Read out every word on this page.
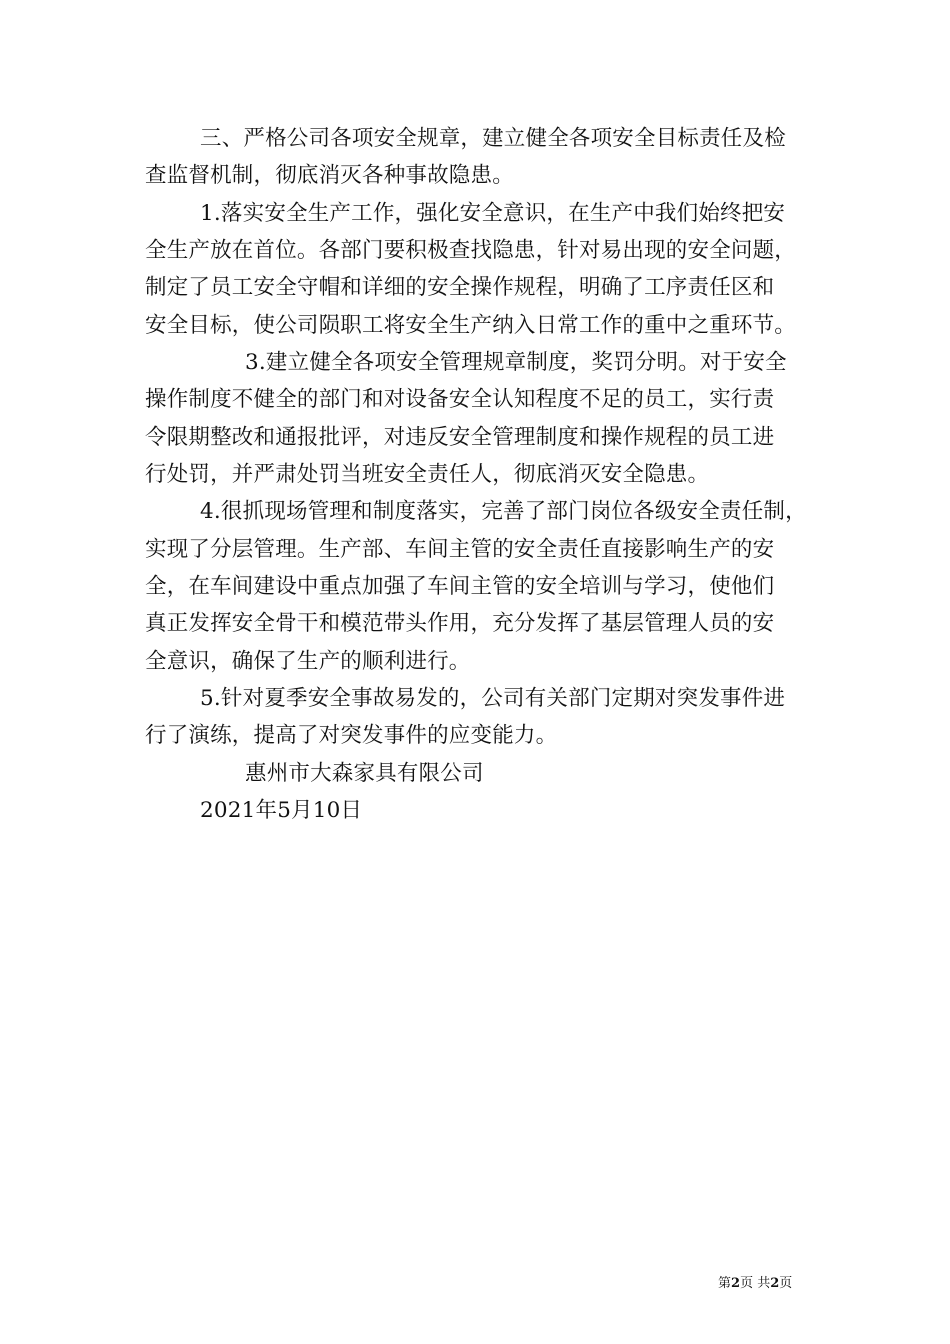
三、严格公司各项安全规章，建立健全各项安全目标责任及检
查监督机制，彻底消灭各种事故隐患。
1.落实安全生产工作，强化安全意识，在生产中我们始终把安
全生产放在首位。各部门要积极查找隐患，针对易出现的安全问题，
制定了员工安全守帽和详细的安全操作规程，明确了工序责任区和
安全目标，使公司陨职工将安全生产纳入日常工作的重中之重环节。
3.建立健全各项安全管理规章制度，奖罚分明。对于安全
操作制度不健全的部门和对设备安全认知程度不足的员工，实行责
令限期整改和通报批评，对违反安全管理制度和操作规程的员工进
行处罚，并严肃处罚当班安全责任人，彻底消灭安全隐患。
4.很抓现场管理和制度落实，完善了部门岗位各级安全责任制，
实现了分层管理。生产部、车间主管的安全责任直接影响生产的安
全，在车间建设中重点加强了车间主管的安全培训与学习，使他们
真正发挥安全骨干和模范带头作用，充分发挥了基层管理人员的安
全意识，确保了生产的顺利进行。
5.针对夏季安全事故易发的，公司有关部门定期对突发事件进
行了演练，提高了对突发事件的应变能力。
惠州市大森家具有限公司
2021年5月10日
第2页 共2页
